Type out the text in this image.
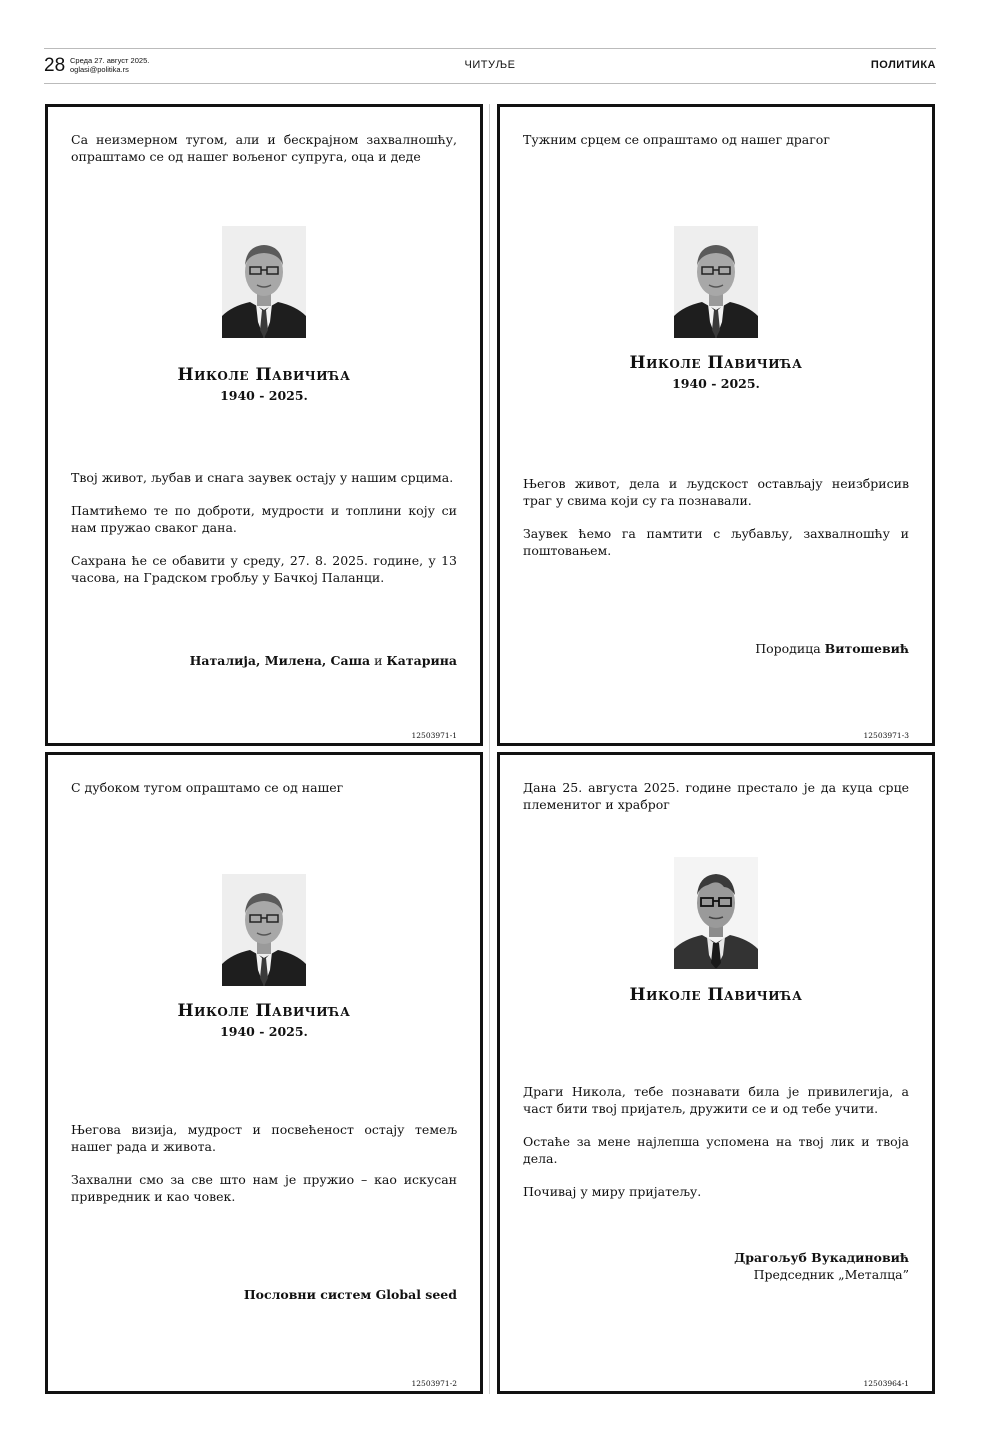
28 Среда 27. август 2025.
oglasi@politika.rs	ЧИТУЉЕ	ПОЛИТИКА
Са неизмерном тугом, али и бескрајном захвалношћу, опраштамо се од нашег вољеног супруга, оца и деде
Николе Павичића
1940 - 2025.

Твој живот, љубав и снага заувек остају у нашим срцима.

Памтићемо те по доброти, мудрости и топлини коју си нам пружао сваког дана.

Сахрана ће се обавити у среду, 27. 8. 2025. године, у 13 часова, на Градском гробљу у Бачкој Паланци.

Наталија, Милена, Саша и Катарина
12503971-1
Тужним срцем се опраштамо од нашег драгог
Николе Павичића
1940 - 2025.

Његов живот, дела и људскост остављају неизбрисив траг у свима који су га познавали.

Заувек ћемо га памтити с љубављу, захвалношћу и поштовањем.

Породица Витошевић
12503971-3
С дубоком тугом опраштамо се од нашег
Николе Павичића
1940 - 2025.

Његова визија, мудрост и посвећеност остају темељ нашег рада и живота.

Захвални смо за све што нам је пружио – као искусан привредник и као човек.

Пословни систем Global seed
12503971-2
Дана 25. августа 2025. године престало је да куца срце племенитог и храброг
Николе Павичића

Драги Никола, тебе познавати била је привилегија, а част бити твој пријатељ, дружити се и од тебе учити.

Остаће за мене најлепша успомена на твој лик и твоја дела.

Почивај у миру пријатељу.

Драгољуб Вукадиновић
Председник „Металца”
12503964-1
